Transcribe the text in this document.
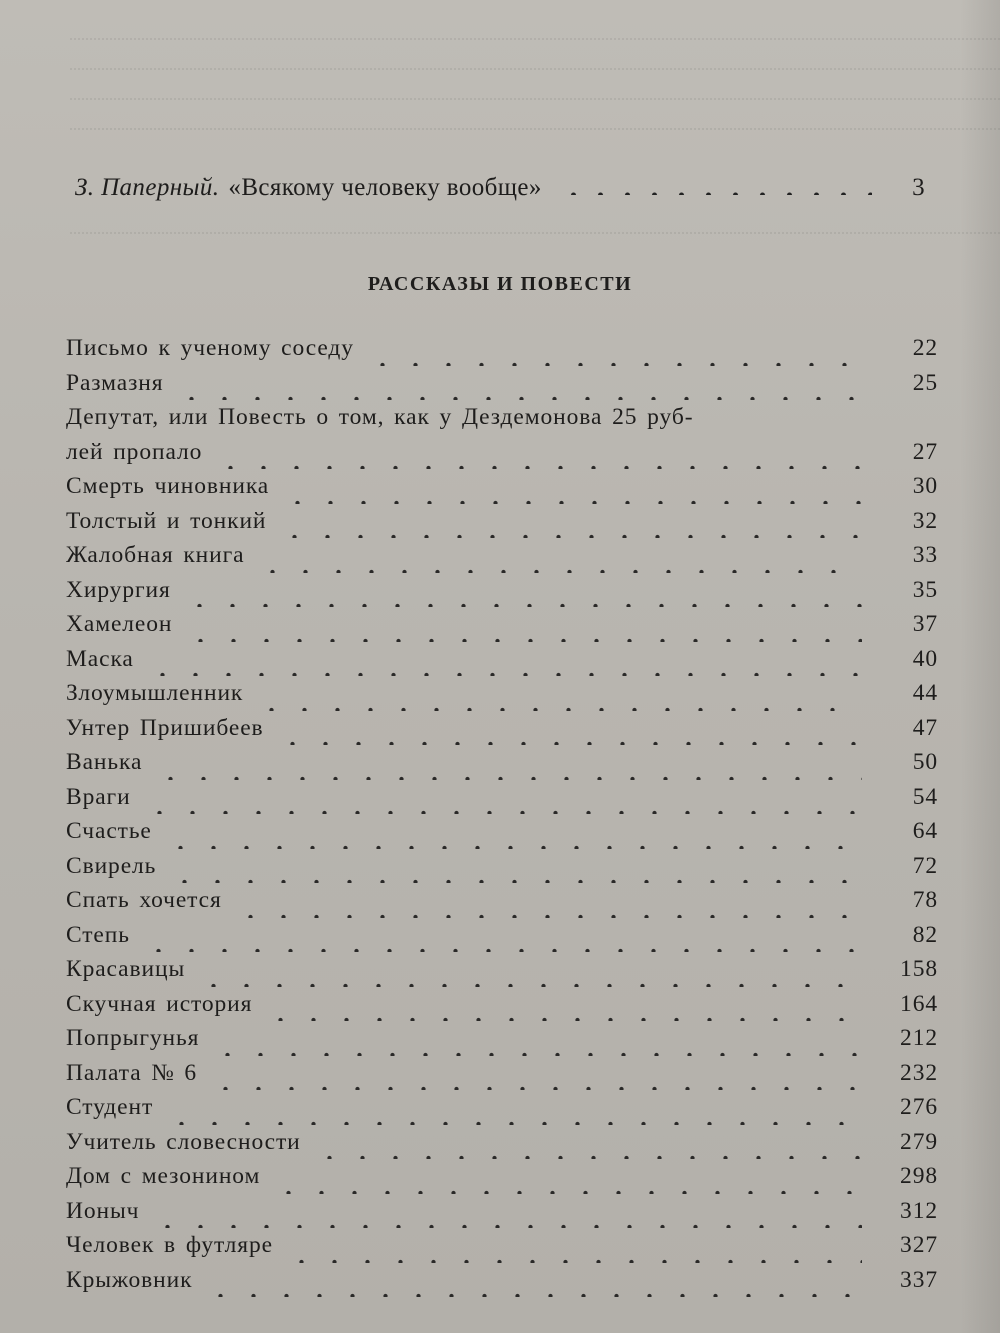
З. Паперный. «Всякому человеку вообще»	3
РАССКАЗЫ И ПОВЕСТИ
Письмо к ученому соседу	22
Размазня	25
Депутат, или Повесть о том, как у Дездемонова 25 руб-
лей пропало	27
Смерть чиновника	30
Толстый и тонкий	32
Жалобная книга	33
Хирургия	35
Хамелеон	37
Маска	40
Злоумышленник	44
Унтер Пришибеев	47
Ванька	50
Враги	54
Счастье	64
Свирель	72
Спать хочется	78
Степь	82
Красавицы	158
Скучная история	164
Попрыгунья	212
Палата № 6	232
Студент	276
Учитель словесности	279
Дом с мезонином	298
Ионыч	312
Человек в футляре	327
Крыжовник	337
